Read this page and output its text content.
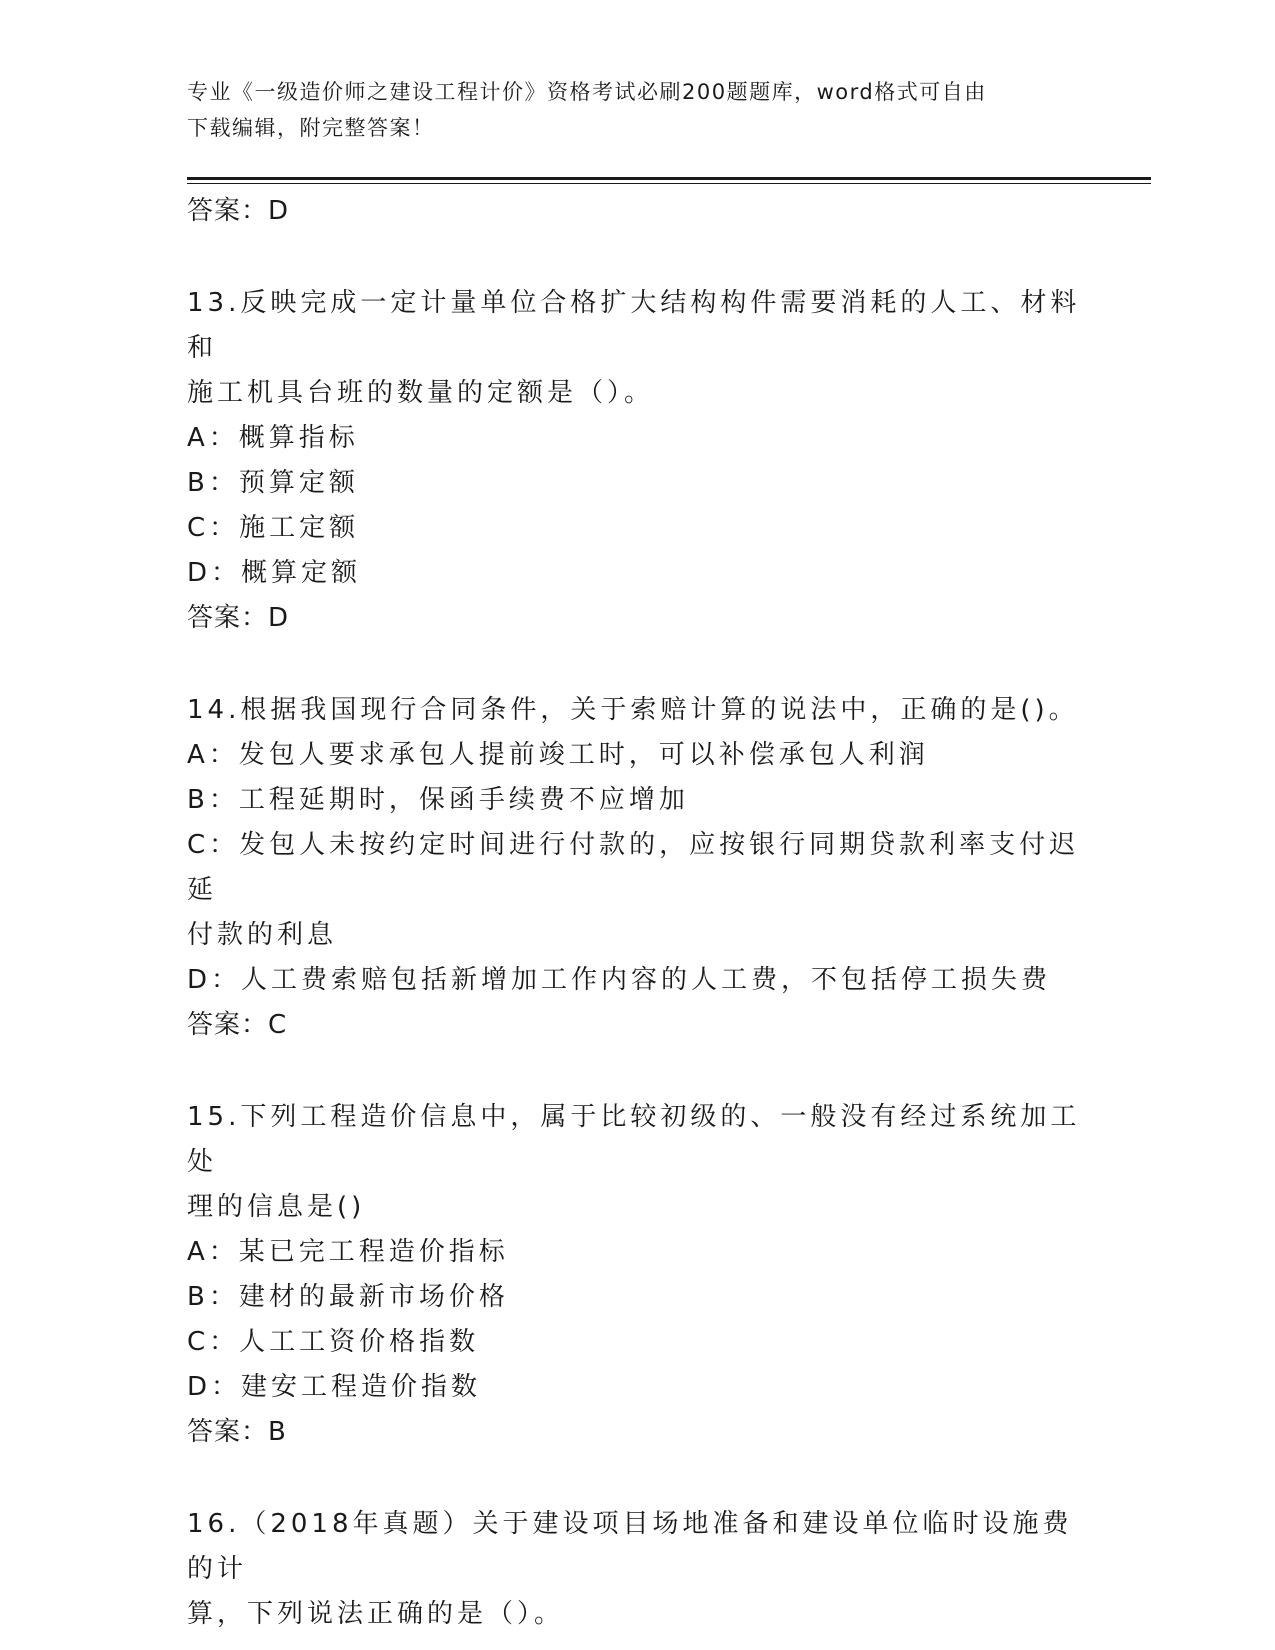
专业《一级造价师之建设工程计价》资格考试必刷200题题库，word格式可自由
下载编辑，附完整答案！
答案：D
13.反映完成一定计量单位合格扩大结构构件需要消耗的人工、材料和
施工机具台班的数量的定额是（）。
A：概算指标
B：预算定额
C：施工定额
D：概算定额
答案：D
14.根据我国现行合同条件，关于索赔计算的说法中，正确的是()。
A：发包人要求承包人提前竣工时，可以补偿承包人利润
B：工程延期时，保函手续费不应增加
C：发包人未按约定时间进行付款的，应按银行同期贷款利率支付迟延
付款的利息
D：人工费索赔包括新增加工作内容的人工费，不包括停工损失费
答案：C
15.下列工程造价信息中，属于比较初级的、一般没有经过系统加工处
理的信息是()
A：某已完工程造价指标
B：建材的最新市场价格
C：人工工资价格指数
D：建安工程造价指数
答案：B
16.（2018年真题）关于建设项目场地准备和建设单位临时设施费的计
算，下列说法正确的是（）。
